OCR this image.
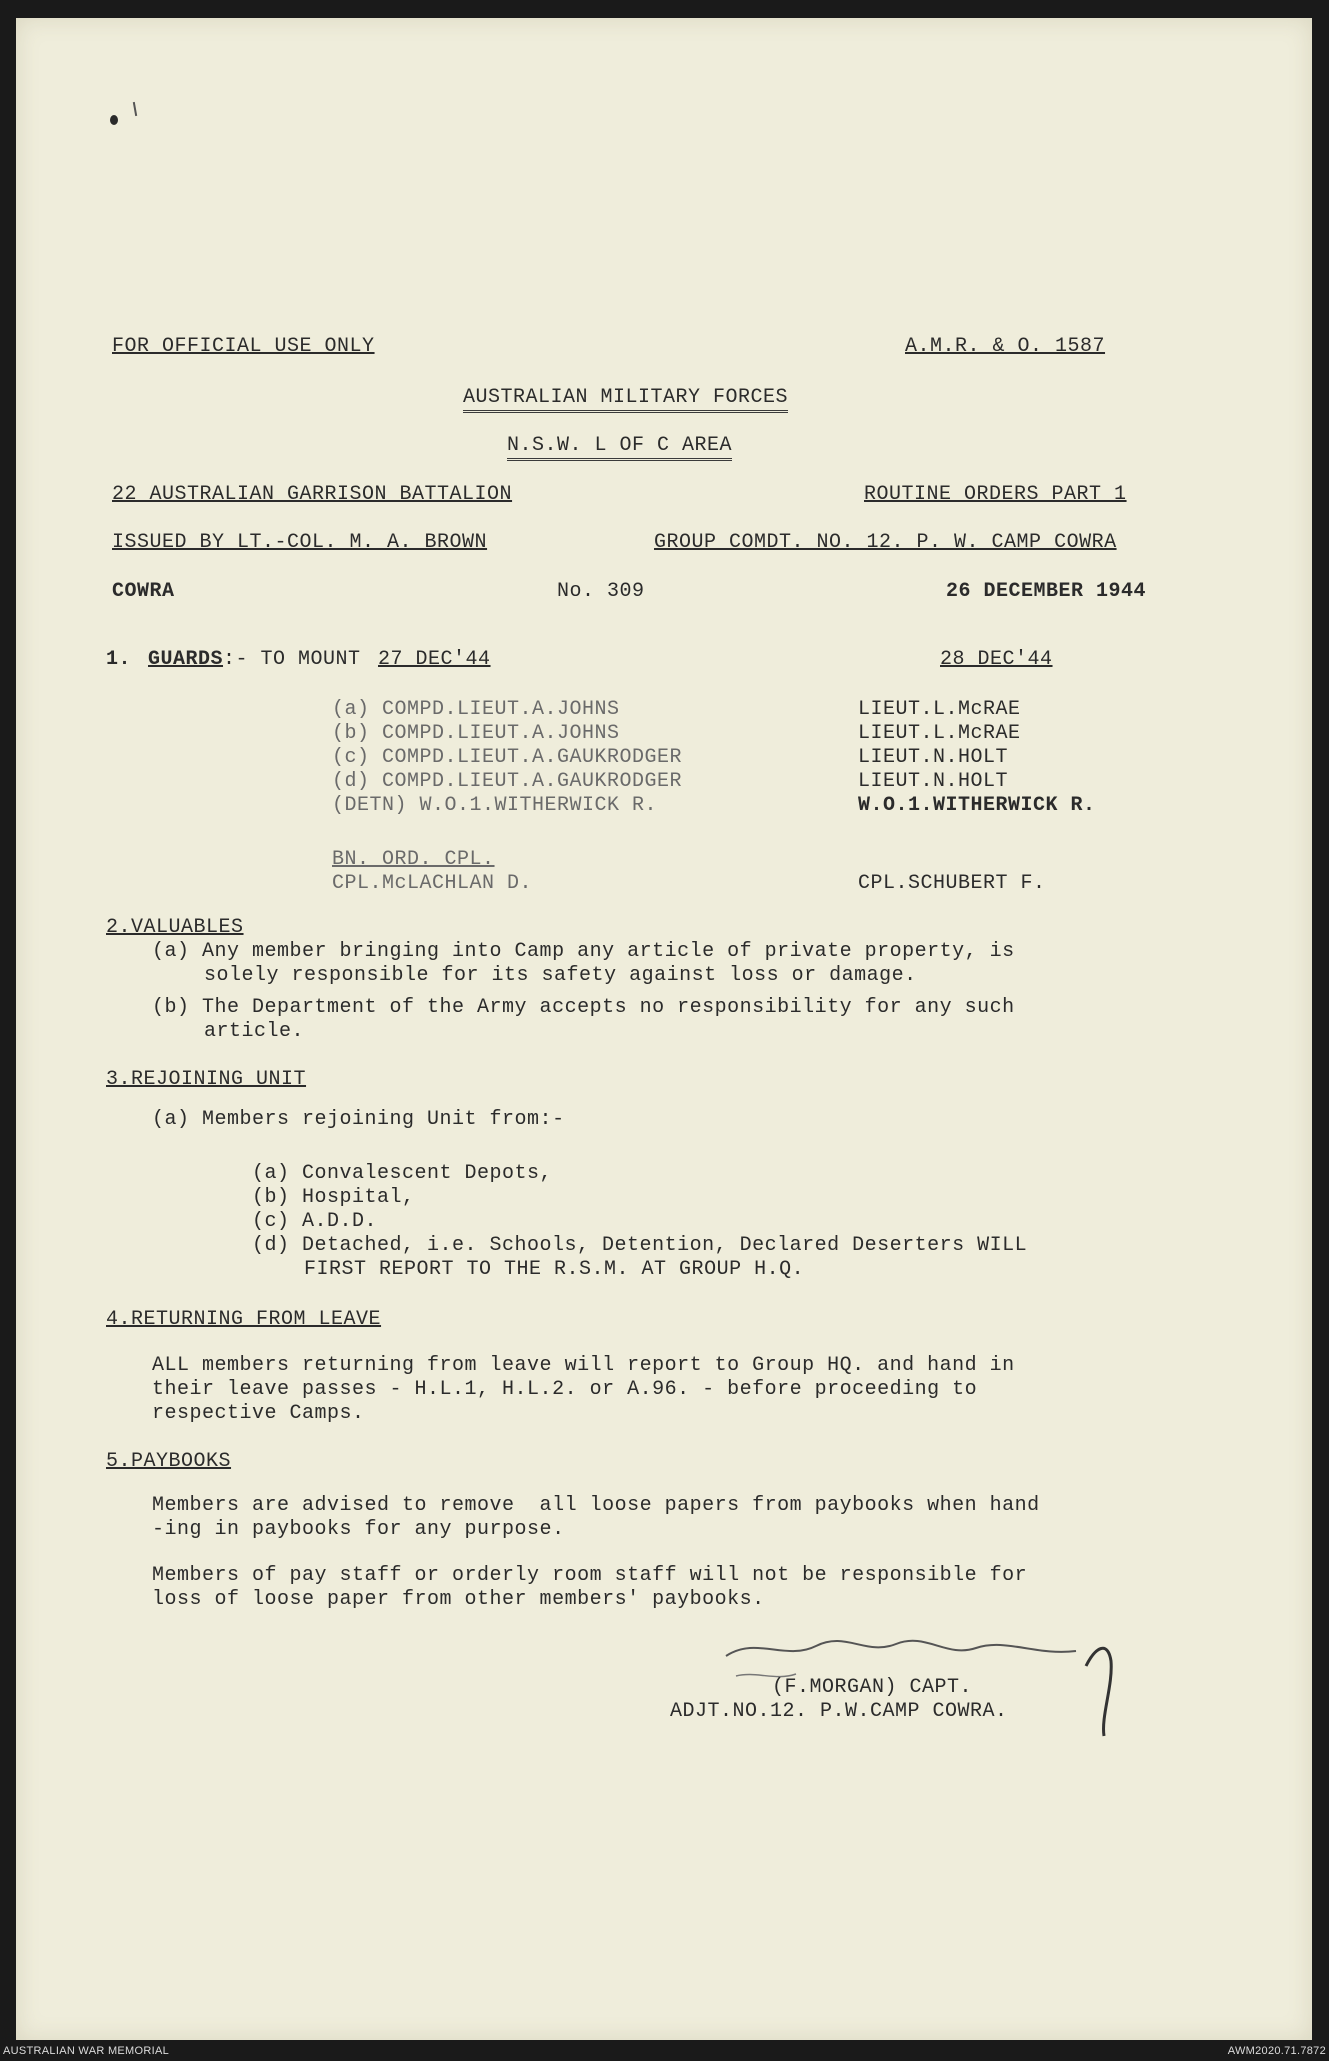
FOR OFFICIAL USE ONLY	A.M.R. & O. 1587
AUSTRALIAN MILITARY FORCES
N.S.W. L OF C AREA
22 AUSTRALIAN GARRISON BATTALION	ROUTINE ORDERS PART 1
ISSUED BY LT.-COL. M. A. BROWN	GROUP COMDT. NO. 12. P. W. CAMP COWRA
COWRA	No. 309	26 DECEMBER 1944
1. GUARDS :- TO MOUNT 27 DEC'44	28 DEC'44
(a) COMPD.LIEUT.A.JOHNS	LIEUT.L.McRAE
(b) COMPD.LIEUT.A.JOHNS	LIEUT.L.McRAE
(c) COMPD.LIEUT.A.GAUKRODGER	LIEUT.N.HOLT
(d) COMPD.LIEUT.A.GAUKRODGER	LIEUT.N.HOLT
(DETN) W.O.1.WITHERWICK R.	W.O.1.WITHERWICK R.
BN. ORD. CPL.
CPL.McLACHLAN D.	CPL.SCHUBERT F.
2.VALUABLES
(a) Any member bringing into Camp any article of private property, is
solely responsible for its safety against loss or damage.
(b) The Department of the Army accepts no responsibility for any such
article.
3.REJOINING UNIT
(a) Members rejoining Unit from:-
(a) Convalescent Depots,
(b) Hospital,
(c) A.D.D.
(d) Detached, i.e. Schools, Detention, Declared Deserters WILL
FIRST REPORT TO THE R.S.M. AT GROUP H.Q.
4.RETURNING FROM LEAVE
ALL members returning from leave will report to Group HQ. and hand in
their leave passes - H.L.1, H.L.2. or A.96. - before proceeding to
respective Camps.
5.PAYBOOKS
Members are advised to remove  all loose papers from paybooks when hand
-ing in paybooks for any purpose.
Members of pay staff or orderly room staff will not be responsible for
loss of loose paper from other members' paybooks.
(F.MORGAN) CAPT.
ADJT.NO.12. P.W.CAMP COWRA.
AUSTRALIAN WAR MEMORIAL	AWM2020.71.7872
